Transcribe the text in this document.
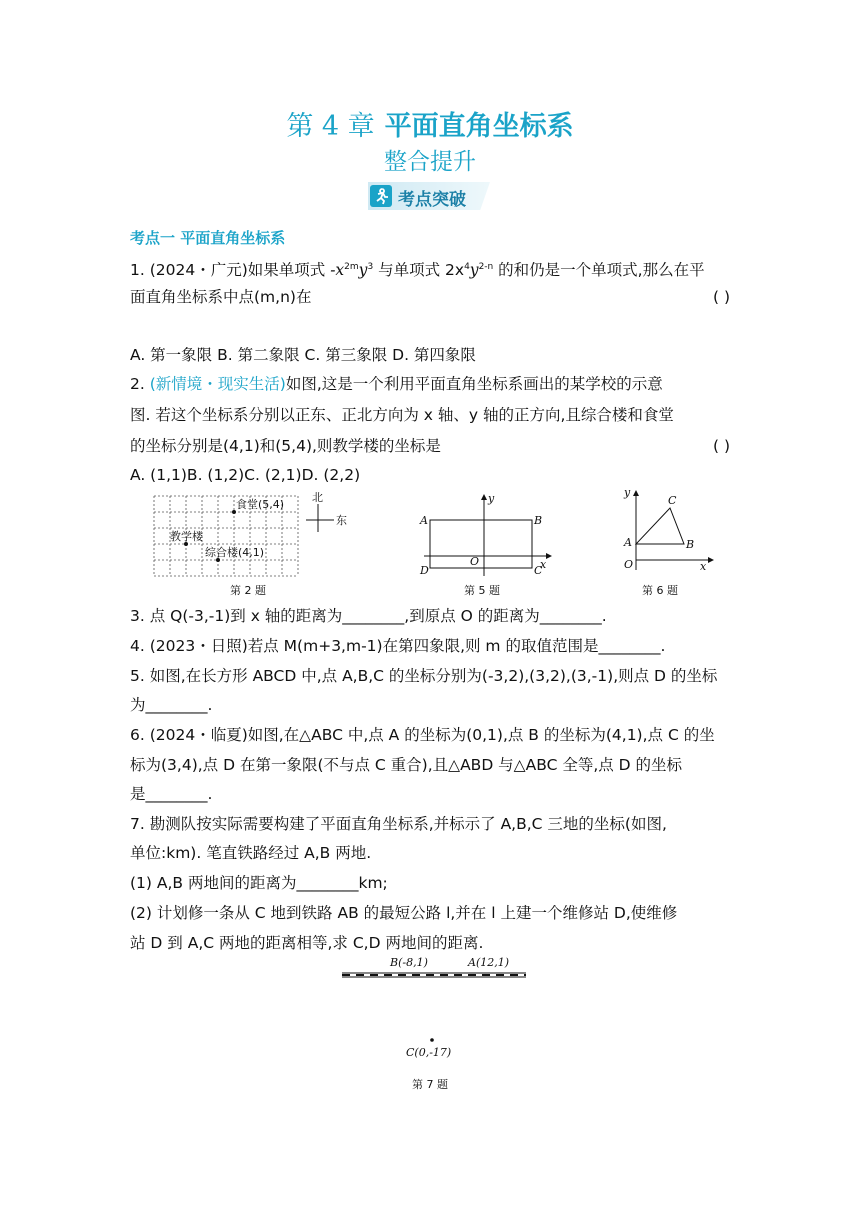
第 4 章 平面直角坐标系
整合提升
考点突破
考点一 平面直角坐标系
1. (2024・广元)如果单项式 $-x^{2m}y^3$ 与单项式 $2x^4y^{2-n}$ 的和仍是一个单项式,那么在平
面直角坐标系中点(m,n)在	( )
A. 第一象限 B. 第二象限 C. 第三象限 D. 第四象限
2. (新情境・现实生活)如图,这是一个利用平面直角坐标系画出的某学校的示意
图. 若这个坐标系分别以正东、正北方向为 x 轴、y 轴的正方向,且综合楼和食堂
的坐标分别是(4,1)和(5,4),则教学楼的坐标是	( )
A. (1,1)B. (1,2)C. (2,1)D. (2,2)
食堂(5,4)
教学楼
综合楼(4,1)
北
东
第 2 题
A	B
C
D
O	x
y
第 5 题
A	B
C
O	x
y
第 6 题
3. 点 Q(-3,-1)到 x 轴的距离为________,到原点 O 的距离为________.
4. (2023・日照)若点 M(m+3,m-1)在第四象限,则 m 的取值范围是________.
5. 如图,在长方形 ABCD 中,点 A,B,C 的坐标分别为(-3,2),(3,2),(3,-1),则点 D 的坐标
为________.
6. (2024・临夏)如图,在△ABC 中,点 A 的坐标为(0,1),点 B 的坐标为(4,1),点 C 的坐
标为(3,4),点 D 在第一象限(不与点 C 重合),且△ABD 与△ABC 全等,点 D 的坐标
是________.
7. 勘测队按实际需要构建了平面直角坐标系,并标示了 A,B,C 三地的坐标(如图,
单位:km). 笔直铁路经过 A,B 两地.
(1) A,B 两地间的距离为________km;
(2) 计划修一条从 C 地到铁路 AB 的最短公路 l,并在 l 上建一个维修站 D,使维修
站 D 到 A,C 两地的距离相等,求 C,D 两地间的距离.
B(-8,1)	A(12,1)
C(0,-17)
第 7 题
